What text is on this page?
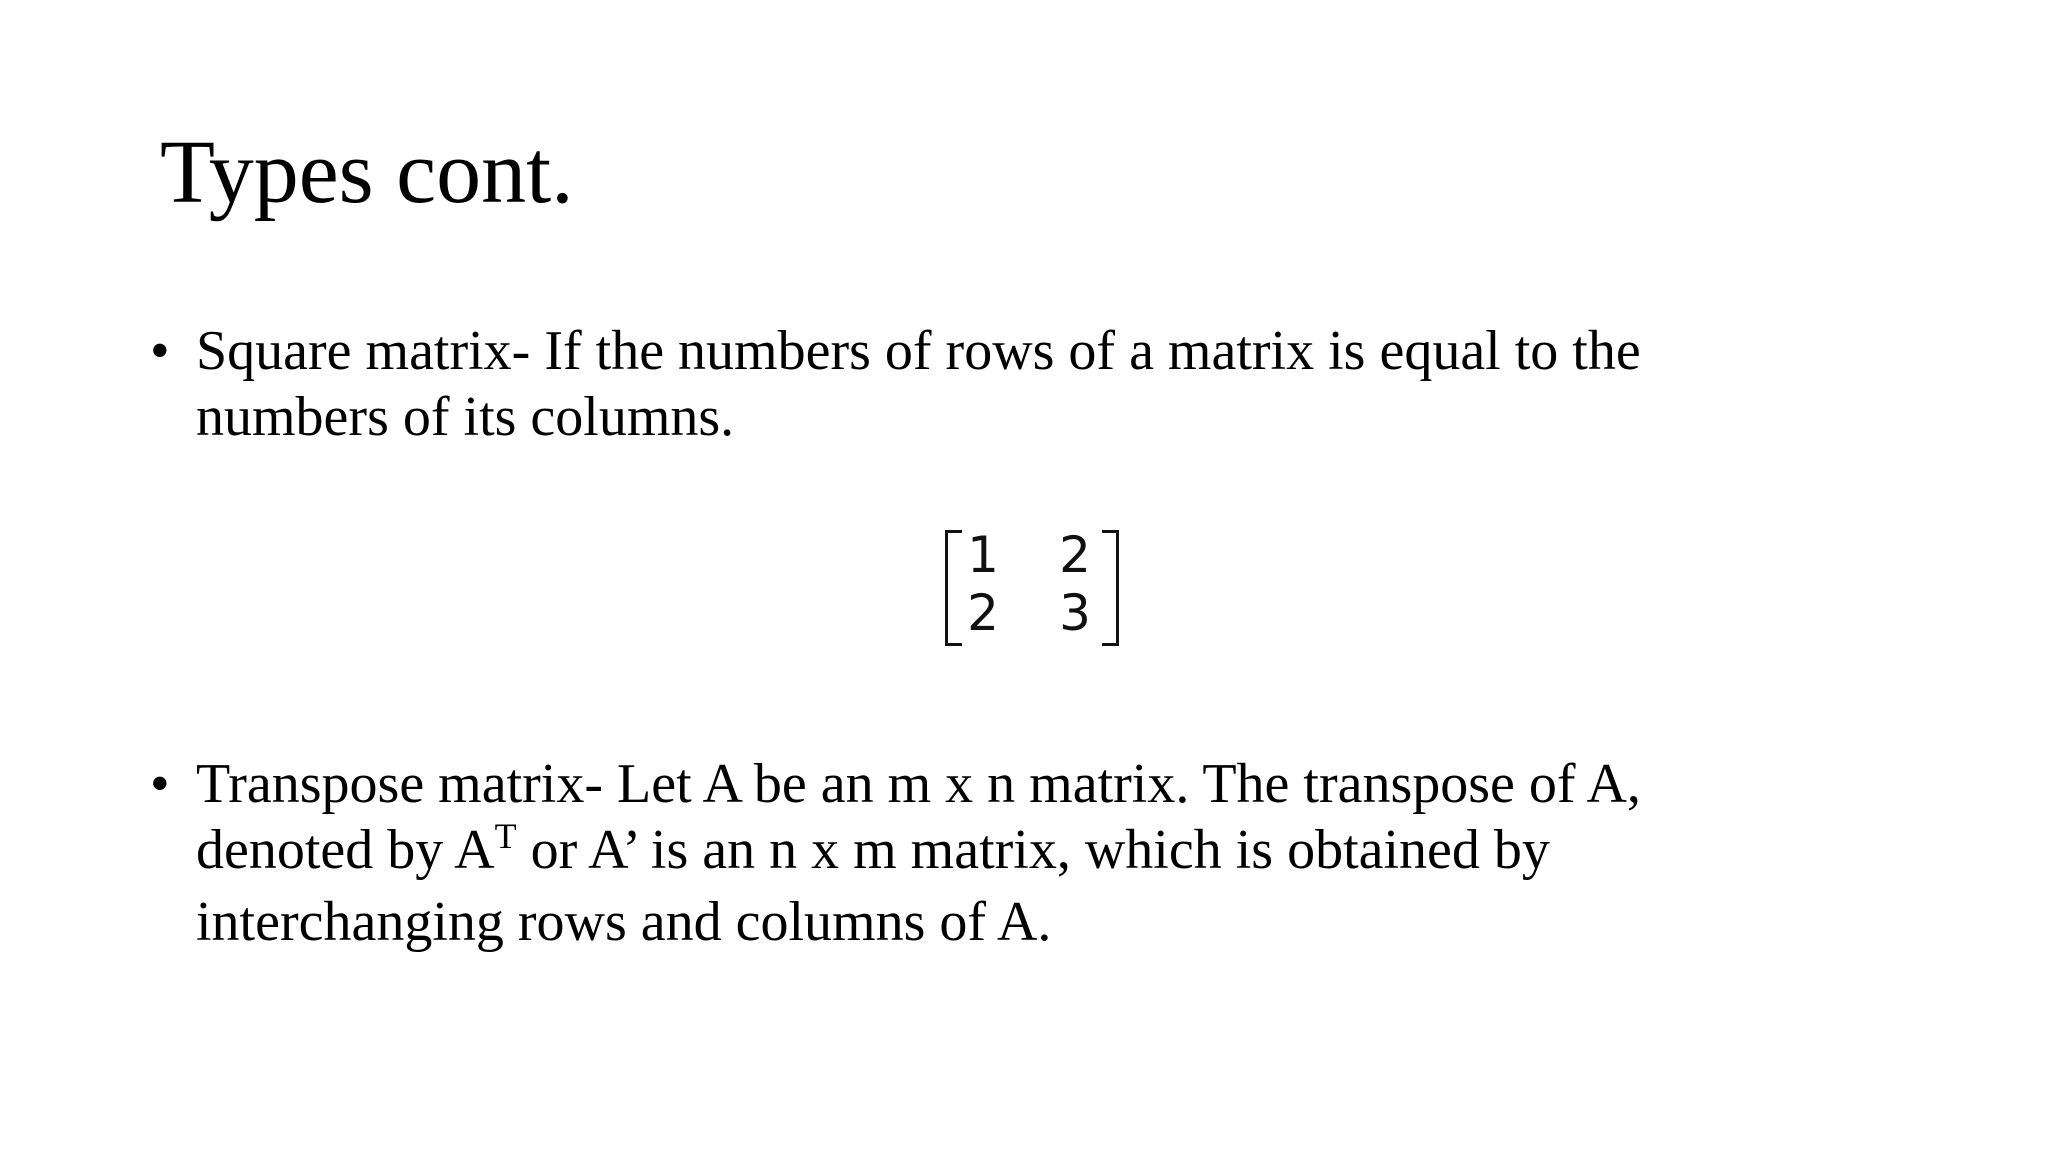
Types cont.
• Square matrix- If the numbers of rows of a matrix is equal to the numbers of its columns.
1 2
2 3
• Transpose matrix- Let A be an m x n matrix. The transpose of A, denoted by $A^T$ or A’ is an n x m matrix, which is obtained by interchanging rows and columns of A.
